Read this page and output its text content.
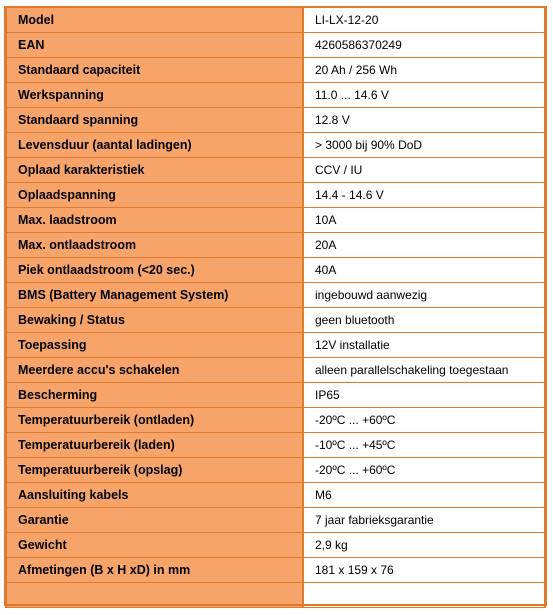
Model	LI-LX-12-20
EAN	4260586370249
Standaard capaciteit	20 Ah / 256 Wh
Werkspanning	11.0 ... 14.6 V
Standaard spanning	12.8 V
Levensduur (aantal ladingen)	> 3000 bij 90% DoD
Oplaad karakteristiek	CCV / IU
Oplaadspanning	14.4 - 14.6 V
Max. laadstroom	10A
Max. ontlaadstroom	20A
Piek ontlaadstroom (<20 sec.)	40A
BMS (Battery Management System)	ingebouwd aanwezig
Bewaking / Status	geen bluetooth
Toepassing	12V installatie
Meerdere accu's schakelen	alleen parallelschakeling toegestaan
Bescherming	IP65
Temperatuurbereik (ontladen)	-20ºC ... +60ºC
Temperatuurbereik (laden)	-10ºC ... +45ºC
Temperatuurbereik (opslag)	-20ºC ... +60ºC
Aansluiting kabels	M6
Garantie	7 jaar fabrieksgarantie
Gewicht	2,9 kg
Afmetingen (B x H xD) in mm	181 x 159 x 76
